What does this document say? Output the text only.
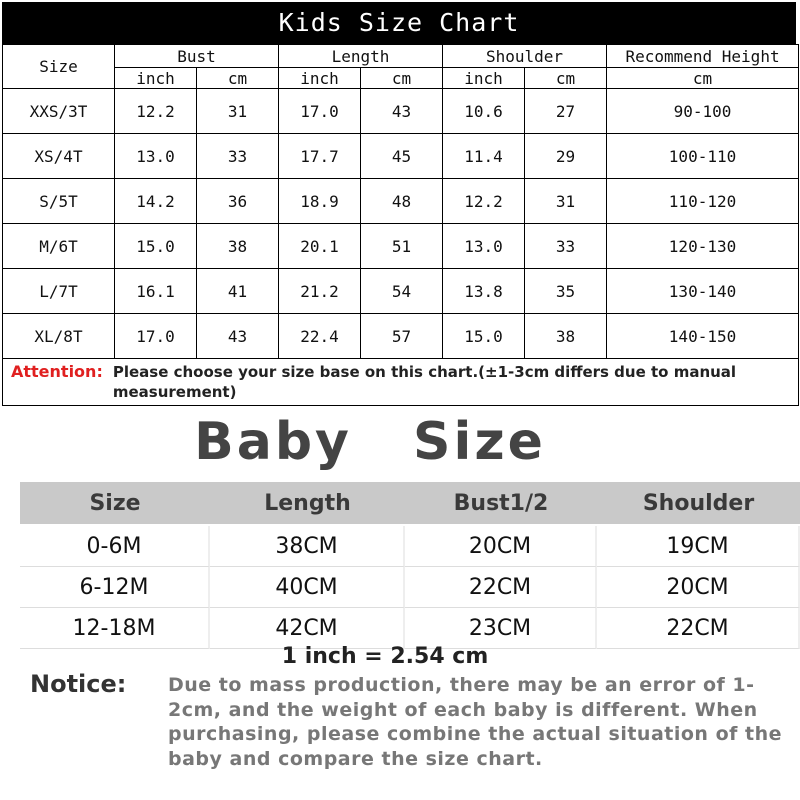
Kids Size Chart
Size	Bust		Length		Shoulder		Recommend Height
	inch	cm	inch	cm	inch	cm	cm
XXS/3T	12.2	31	17.0	43	10.6	27	90-100
XS/4T	13.0	33	17.7	45	11.4	29	100-110
S/5T	14.2	36	18.9	48	12.2	31	110-120
M/6T	15.0	38	20.1	51	13.0	33	120-130
L/7T	16.1	41	21.2	54	13.8	35	130-140
XL/8T	17.0	43	22.4	57	15.0	38	140-150
Attention: Please choose your size base on this chart.(±1-3cm differs due to manual measurement)							
Baby Size
Size	Length	Bust1/2	Shoulder
0-6M	38CM	20CM	19CM
6-12M	40CM	22CM	20CM
12-18M	42CM	23CM	22CM
1 inch = 2.54 cm
Notice: Due to mass production, there may be an error of 1-2cm, and the weight of each baby is different. When purchasing, please combine the actual situation of the baby and compare the size chart.
